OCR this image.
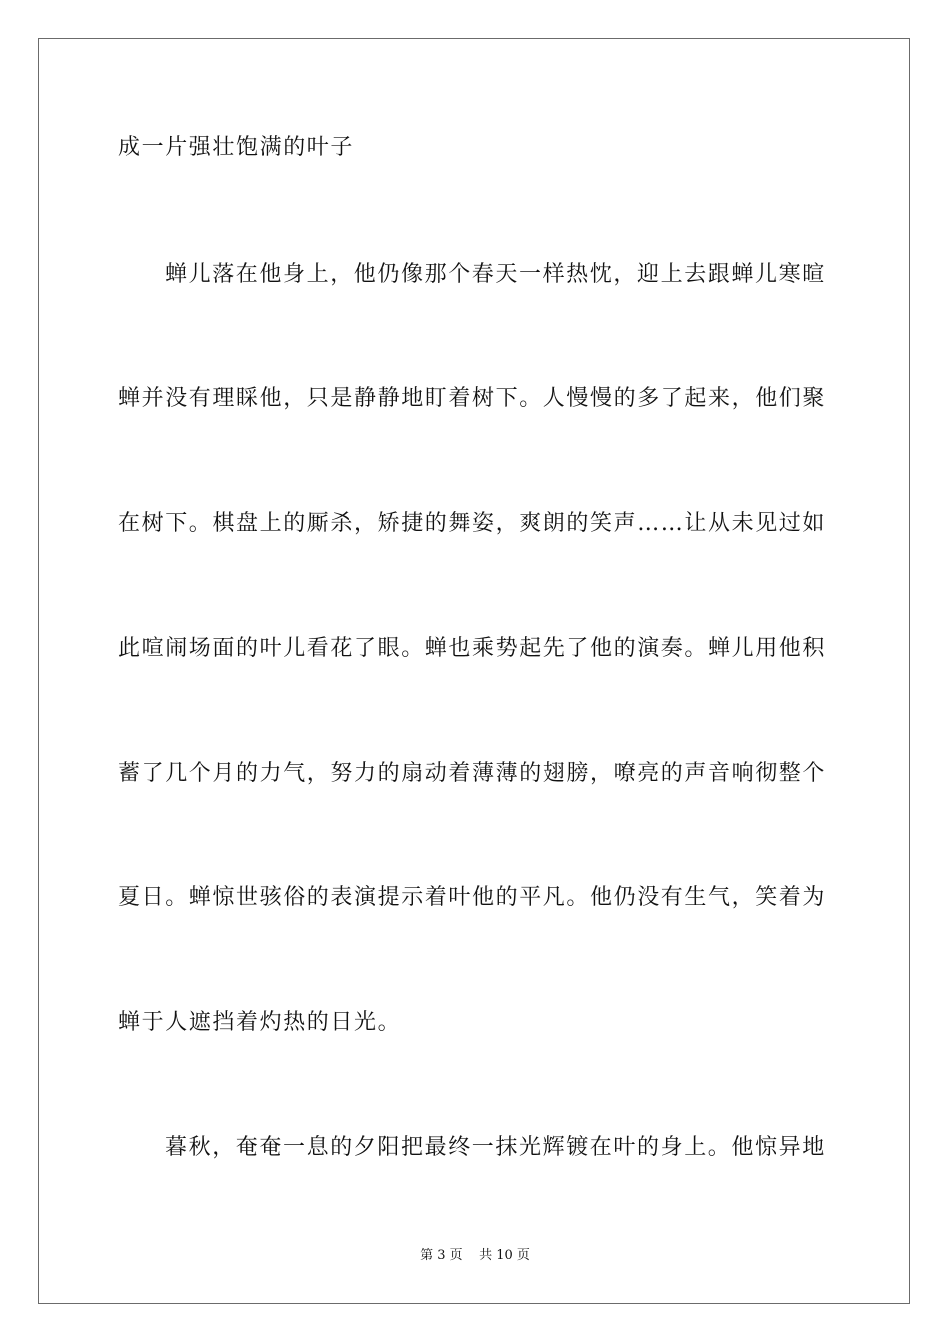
成一片强壮饱满的叶子

蝉儿落在他身上，他仍像那个春天一样热忱，迎上去跟蝉儿寒暄

蝉并没有理睬他，只是静静地盯着树下。人慢慢的多了起来，他们聚

在树下。棋盘上的厮杀，矫捷的舞姿，爽朗的笑声……让从未见过如

此喧闹场面的叶儿看花了眼。蝉也乘势起先了他的演奏。蝉儿用他积

蓄了几个月的力气，努力的扇动着薄薄的翅膀，嘹亮的声音响彻整个

夏日。蝉惊世骇俗的表演提示着叶他的平凡。他仍没有生气，笑着为

蝉于人遮挡着灼热的日光。

暮秋，奄奄一息的夕阳把最终一抹光辉镀在叶的身上。他惊异地

第 3 页    共 10 页
